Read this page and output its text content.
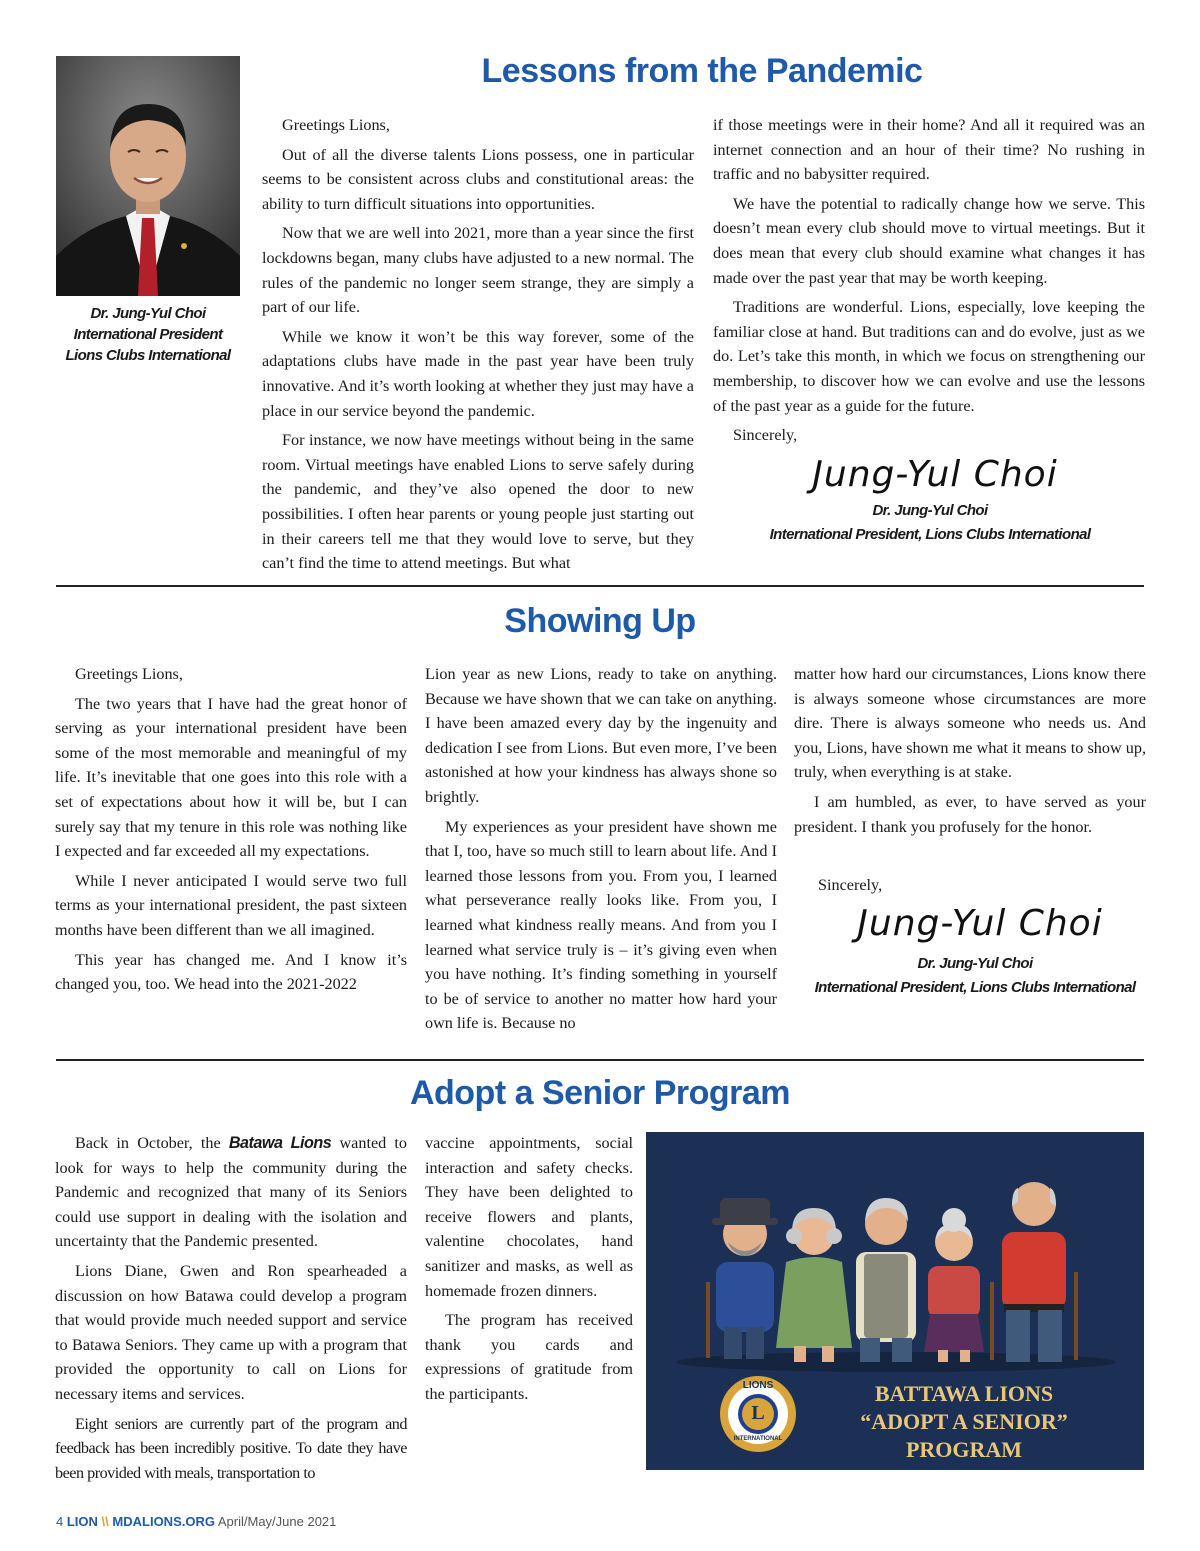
Lessons from the Pandemic
Dr. Jung-Yul Choi
International President
Lions Clubs International

Greetings Lions,

Out of all the diverse talents Lions possess, one in particular seems to be consistent across clubs and constitutional areas: the ability to turn difficult situations into opportunities.

Now that we are well into 2021, more than a year since the first lockdowns began, many clubs have adjusted to a new normal. The rules of the pandemic no longer seem strange, they are simply a part of our life.

While we know it won’t be this way forever, some of the adaptations clubs have made in the past year have been truly innovative. And it’s worth looking at whether they just may have a place in our service beyond the pandemic.

For instance, we now have meetings without being in the same room. Virtual meetings have enabled Lions to serve safely during the pandemic, and they’ve also opened the door to new possibilities. I often hear parents or young people just starting out in their careers tell me that they would love to serve, but they can’t find the time to attend meetings. But what

if those meetings were in their home? And all it required was an internet connection and an hour of their time? No rushing in traffic and no babysitter required.

We have the potential to radically change how we serve. This doesn’t mean every club should move to virtual meetings. But it does mean that every club should examine what changes it has made over the past year that may be worth keeping.

Traditions are wonderful. Lions, especially, love keeping the familiar close at hand. But traditions can and do evolve, just as we do. Let’s take this month, in which we focus on strengthening our membership, to discover how we can evolve and use the lessons of the past year as a guide for the future.

Sincerely,

Jung-Yul Choi
Dr. Jung-Yul Choi
International President, Lions Clubs International
Showing Up

Greetings Lions,

The two years that I have had the great honor of serving as your international president have been some of the most memorable and meaningful of my life. It’s inevitable that one goes into this role with a set of expectations about how it will be, but I can surely say that my tenure in this role was nothing like I expected and far exceeded all my expectations.

While I never anticipated I would serve two full terms as your international president, the past sixteen months have been different than we all imagined.

This year has changed me. And I know it’s changed you, too. We head into the 2021-2022

Lion year as new Lions, ready to take on anything. Because we have shown that we can take on anything. I have been amazed every day by the ingenuity and dedication I see from Lions. But even more, I’ve been astonished at how your kindness has always shone so brightly.

My experiences as your president have shown me that I, too, have so much still to learn about life. And I learned those lessons from you. From you, I learned what perseverance really looks like. From you, I learned what kindness really means. And from you I learned what service truly is – it’s giving even when you have nothing. It’s finding something in yourself to be of service to another no matter how hard your own life is. Because no

matter how hard our circumstances, Lions know there is always someone whose circumstances are more dire. There is always someone who needs us. And you, Lions, have shown me what it means to show up, truly, when everything is at stake.

I am humbled, as ever, to have served as your president. I thank you profusely for the honor.

Sincerely,
Jung-Yul Choi
Dr. Jung-Yul Choi
International President, Lions Clubs International
Adopt a Senior Program

Back in October, the Batawa Lions wanted to look for ways to help the community during the Pandemic and recognized that many of its Seniors could use support in dealing with the isolation and uncertainty that the Pandemic presented.

Lions Diane, Gwen and Ron spearheaded a discussion on how Batawa could develop a program that would provide much needed support and service to Batawa Seniors. They came up with a program that provided the opportunity to call on Lions for necessary items and services.

Eight seniors are currently part of the program and feedback has been incredibly positive. To date they have been provided with meals, transportation to

vaccine appointments, social interaction and safety checks. They have been delighted to receive flowers and plants, valentine chocolates, hand sanitizer and masks, as well as homemade frozen dinners.

The program has received thank you cards and expressions of gratitude from the participants.	LIONS
L
INTERNATIONAL
BATTAWA LIONS
“ADOPT A SENIOR”
PROGRAM
4 LION \\ MDALIONS.ORG April/May/June 2021
